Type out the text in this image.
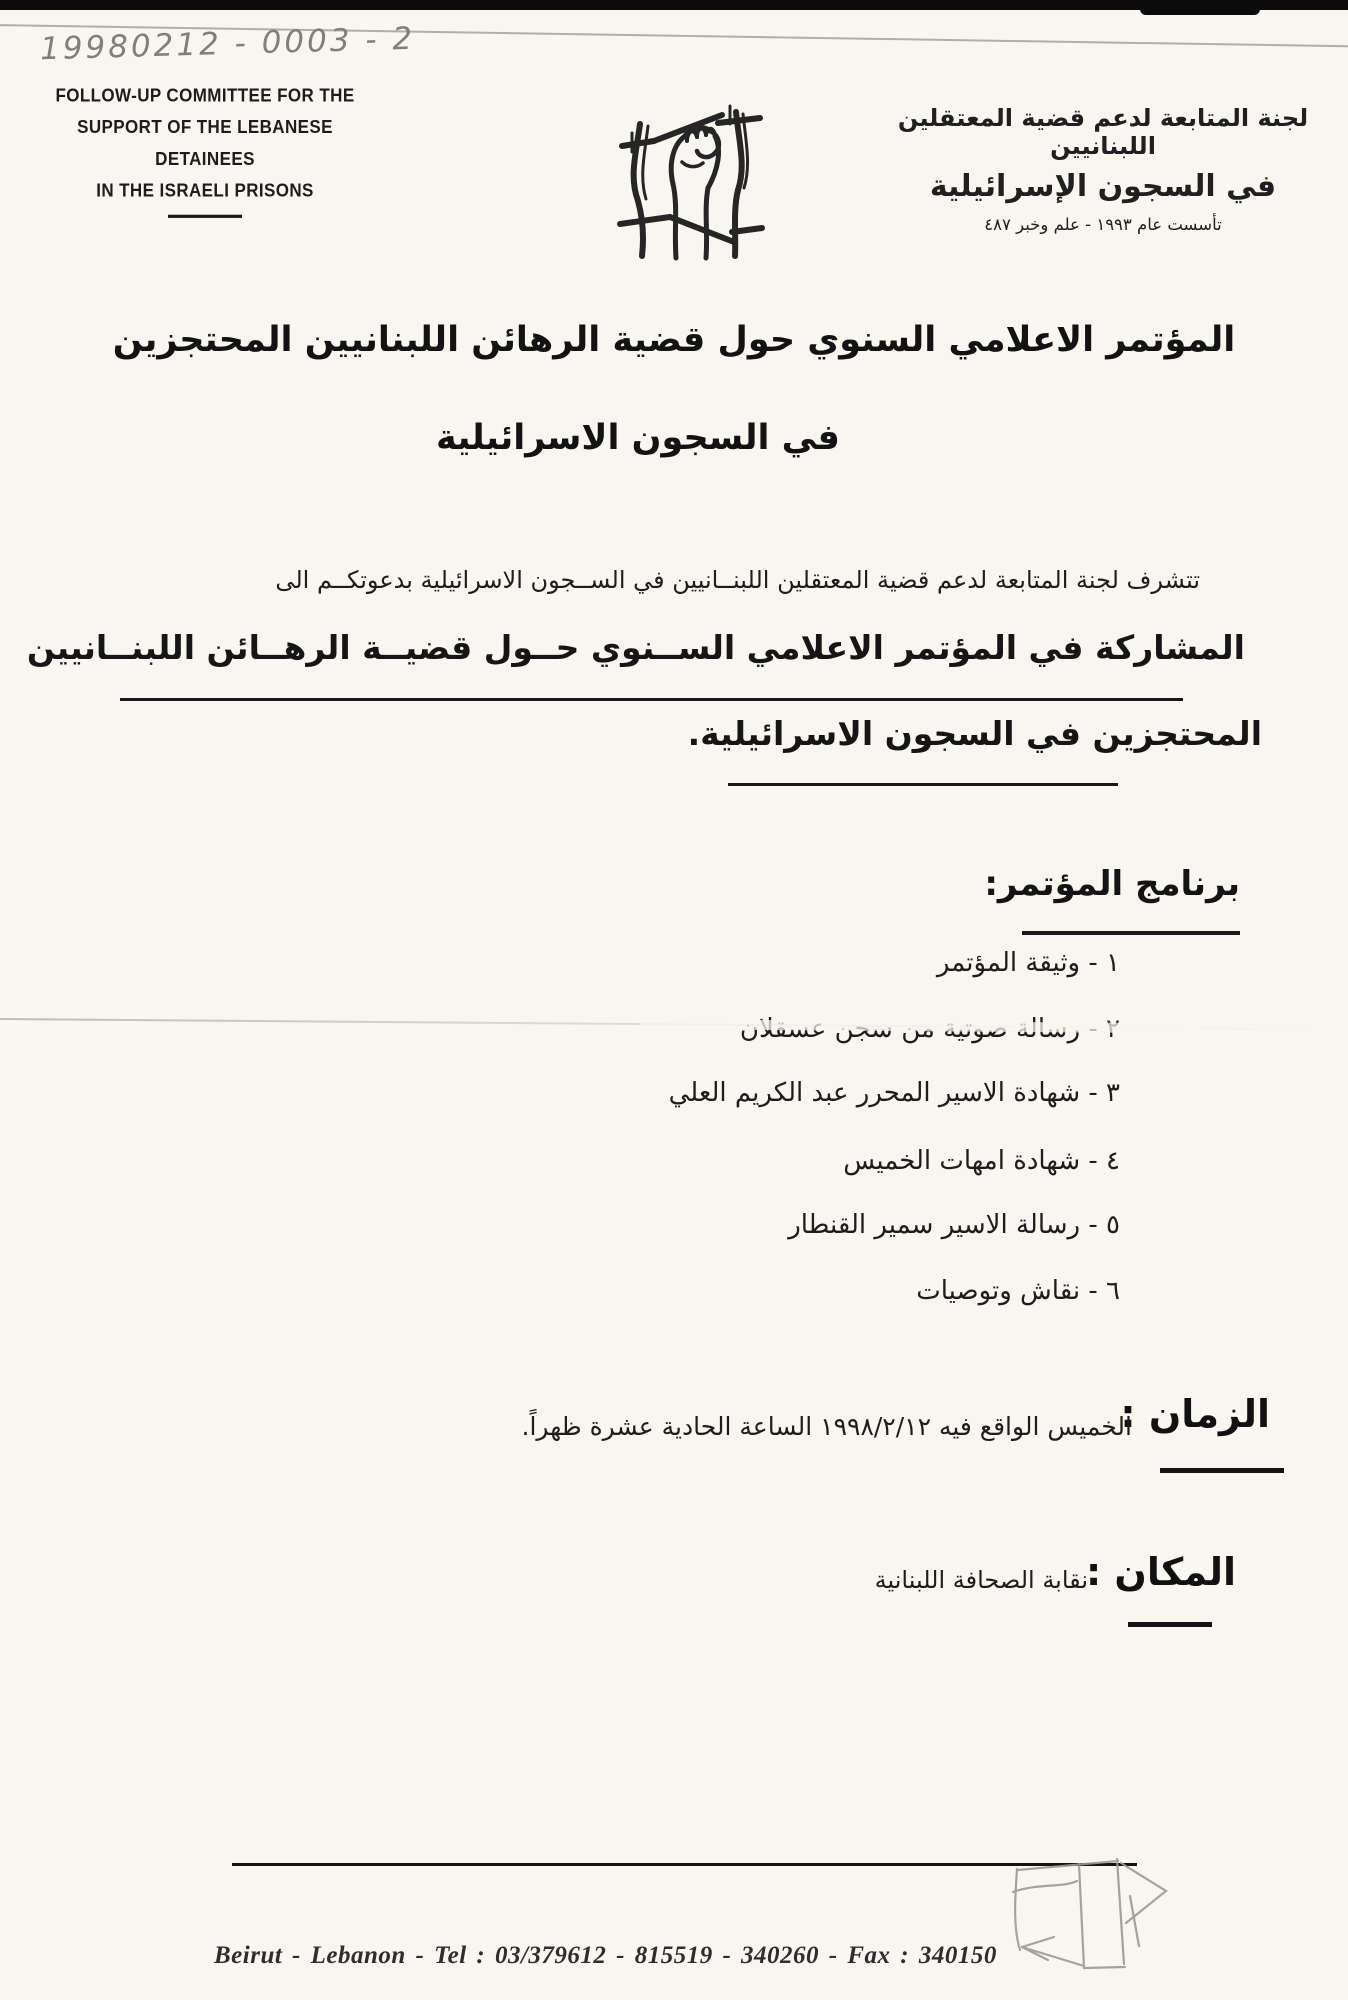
19980212 - 0003 - 2
FOLLOW-UP COMMITTEE FOR THE
SUPPORT OF THE LEBANESE DETAINEES
IN THE ISRAELI PRISONS
لجنة المتابعة لدعم قضية المعتقلين اللبنانيين
في السجون الإسرائيلية
تأسست عام ١٩٩٣ - علم وخبر ٤٨٧
المؤتمر الاعلامي السنوي حول قضية الرهائن اللبنانيين المحتجزين
في السجون الاسرائيلية
تتشرف لجنة المتابعة لدعم قضية المعتقلين اللبنــانيين في الســجون الاسرائيلية بدعوتكــم الى
المشاركة في المؤتمر الاعلامي الســنوي حــول قضيــة الرهــائن اللبنــانيين
المحتجزين في السجون الاسرائيلية.
برنامج المؤتمر:
١ - وثيقة المؤتمر
٣ - شهادة الاسير المحرر عبد الكريم العلي
٤ - شهادة امهات الخميس
٥ - رسالة الاسير سمير القنطار
٦ - نقاش وتوصيات
الزمان :
الخميس الواقع فيه ١٩٩٨/٢/١٢ الساعة الحادية عشرة ظهراً.
المكان :
نقابة الصحافة اللبنانية
Beirut - Lebanon - Tel : 03/379612 - 815519 - 340260 - Fax : 340150
